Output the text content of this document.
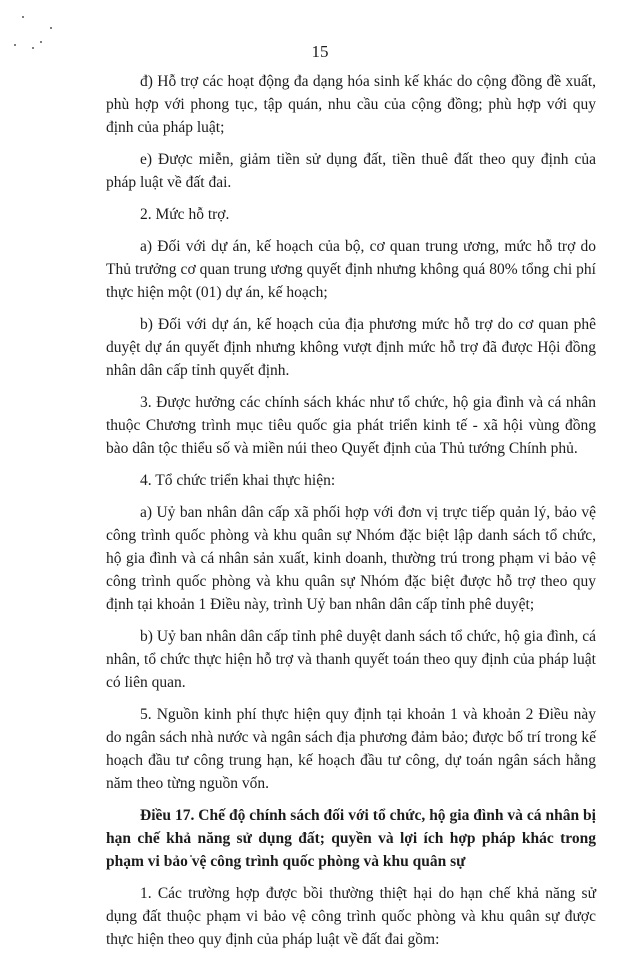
15

đ) Hỗ trợ các hoạt động đa dạng hóa sinh kế khác do cộng đồng đề xuất, phù hợp với phong tục, tập quán, nhu cầu của cộng đồng; phù hợp với quy định của pháp luật;

e) Được miễn, giảm tiền sử dụng đất, tiền thuê đất theo quy định của pháp luật về đất đai.

2. Mức hỗ trợ.

a) Đối với dự án, kế hoạch của bộ, cơ quan trung ương, mức hỗ trợ do Thủ trưởng cơ quan trung ương quyết định nhưng không quá 80% tổng chi phí thực hiện một (01) dự án, kế hoạch;

b) Đối với dự án, kế hoạch của địa phương mức hỗ trợ do cơ quan phê duyệt dự án quyết định nhưng không vượt định mức hỗ trợ đã được Hội đồng nhân dân cấp tỉnh quyết định.

3. Được hưởng các chính sách khác như tổ chức, hộ gia đình và cá nhân thuộc Chương trình mục tiêu quốc gia phát triển kinh tế - xã hội vùng đồng bào dân tộc thiểu số và miền núi theo Quyết định của Thủ tướng Chính phủ.

4. Tổ chức triển khai thực hiện:

a) Uỷ ban nhân dân cấp xã phối hợp với đơn vị trực tiếp quản lý, bảo vệ công trình quốc phòng và khu quân sự Nhóm đặc biệt lập danh sách tổ chức, hộ gia đình và cá nhân sản xuất, kinh doanh, thường trú trong phạm vi bảo vệ công trình quốc phòng và khu quân sự Nhóm đặc biệt được hỗ trợ theo quy định tại khoản 1 Điều này, trình Uỷ ban nhân dân cấp tỉnh phê duyệt;

b) Uỷ ban nhân dân cấp tỉnh phê duyệt danh sách tổ chức, hộ gia đình, cá nhân, tổ chức thực hiện hỗ trợ và thanh quyết toán theo quy định của pháp luật có liên quan.

5. Nguồn kinh phí thực hiện quy định tại khoản 1 và khoản 2 Điều này do ngân sách nhà nước và ngân sách địa phương đảm bảo; được bố trí trong kế hoạch đầu tư công trung hạn, kế hoạch đầu tư công, dự toán ngân sách hằng năm theo từng nguồn vốn.

Điều 17. Chế độ chính sách đối với tổ chức, hộ gia đình và cá nhân bị hạn chế khả năng sử dụng đất; quyền và lợi ích hợp pháp khác trong phạm vi bảo vệ công trình quốc phòng và khu quân sự

1. Các trường hợp được bồi thường thiệt hại do hạn chế khả năng sử dụng đất thuộc phạm vi bảo vệ công trình quốc phòng và khu quân sự được thực hiện theo quy định của pháp luật về đất đai gồm:
